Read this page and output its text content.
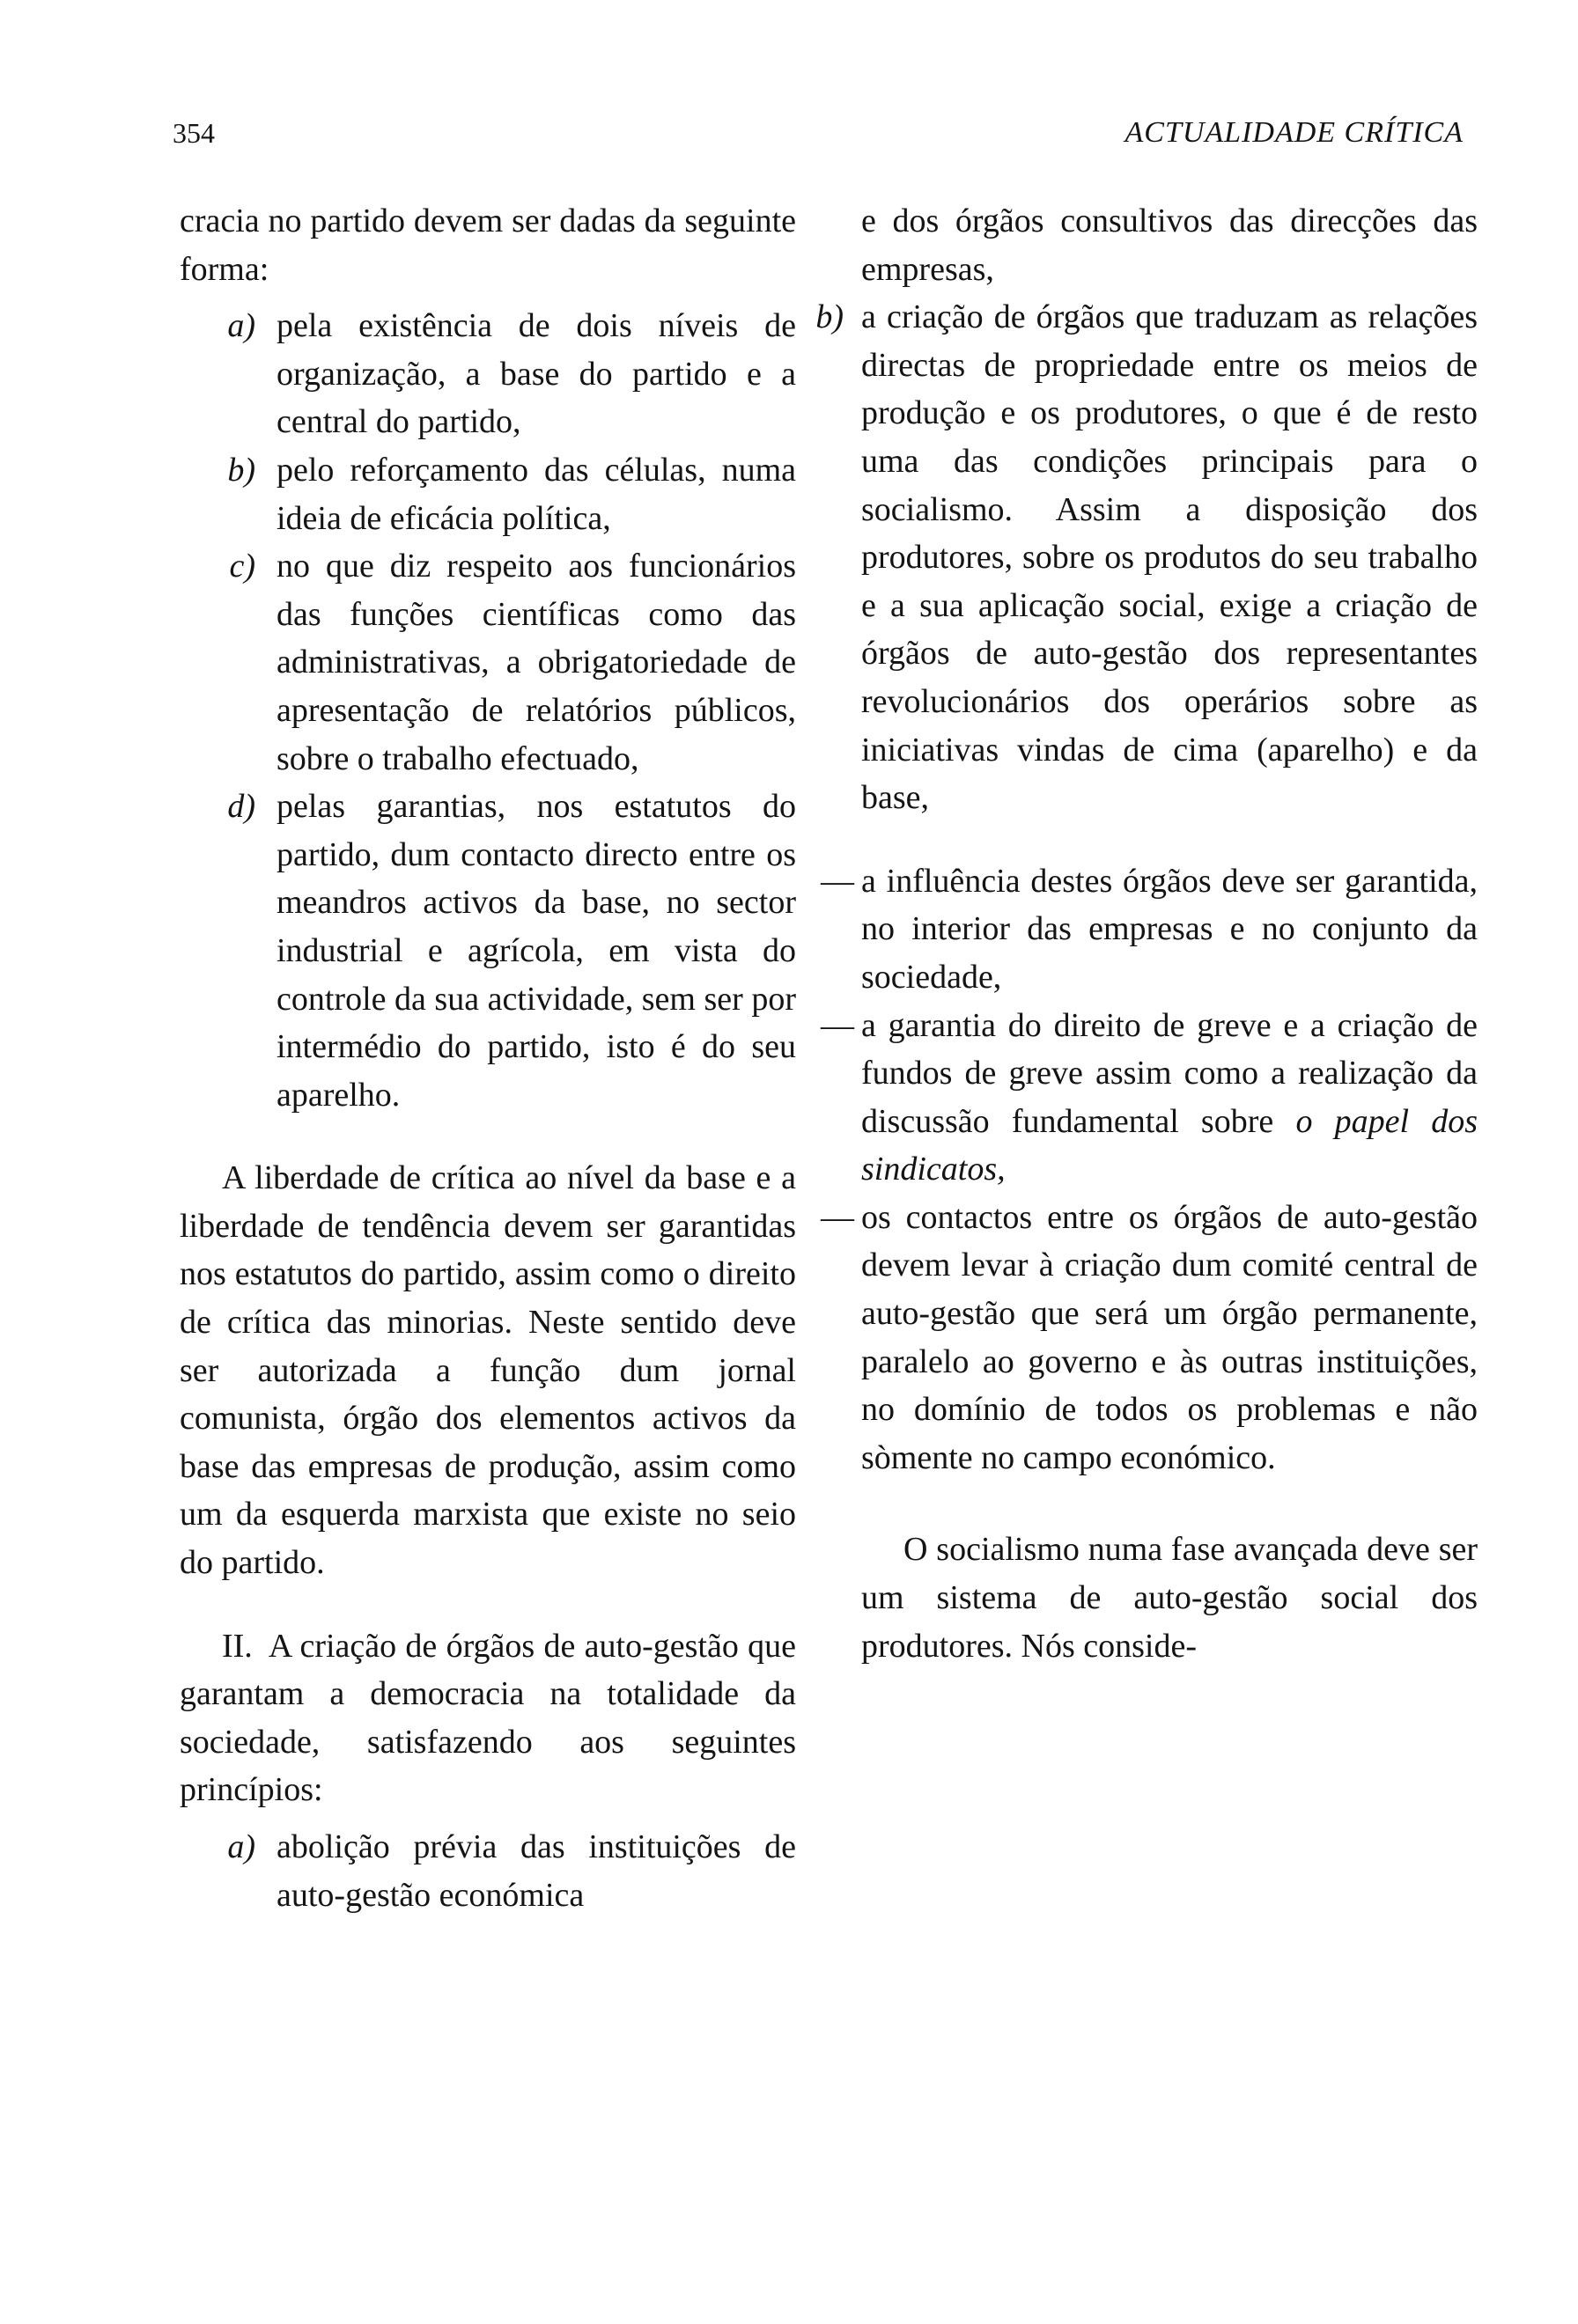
354	ACTUALIDADE CRÍTICA

cracia no partido devem ser dadas da seguinte forma:

a) pela existência de dois níveis de organização, a base do partido e a central do partido,
b) pelo reforçamento das células, numa ideia de eficácia política,
c) no que diz respeito aos funcionários das funções científicas como das administrativas, a obrigatoriedade de apresentação de relatórios públicos, sobre o trabalho efectuado,
d) pelas garantias, nos estatutos do partido, dum contacto directo entre os meandros activos da base, no sector industrial e agrícola, em vista do controle da sua actividade, sem ser por intermédio do partido, isto é do seu aparelho.

A liberdade de crítica ao nível da base e a liberdade de tendência devem ser garantidas nos estatutos do partido, assim como o direito de crítica das minorias. Neste sentido deve ser autorizada a função dum jornal comunista, órgão dos elementos activos da base das empresas de produção, assim como um da esquerda marxista que existe no seio do partido.

II. A criação de órgãos de auto-gestão que garantam a democracia na totalidade da sociedade, satisfazendo aos seguintes princípios:

a) abolição prévia das instituições de auto-gestão económica

e dos órgãos consultivos das direcções das empresas,

b) a criação de órgãos que traduzam as relações directas de propriedade entre os meios de produção e os produtores, o que é de resto uma das condições principais para o socialismo. Assim a disposição dos produtores, sobre os produtos do seu trabalho e a sua aplicação social, exige a criação de órgãos de auto-gestão dos representantes revolucionários dos operários sobre as iniciativas vindas de cima (aparelho) e da base,
— a influência destes órgãos deve ser garantida, no interior das empresas e no conjunto da sociedade,
— a garantia do direito de greve e a criação de fundos de greve assim como a realização da discussão fundamental sobre o papel dos sindicatos,
— os contactos entre os órgãos de auto-gestão devem levar à criação dum comité central de auto-gestão que será um órgão permanente, paralelo ao governo e às outras instituições, no domínio de todos os problemas e não sòmente no campo económico.

O socialismo numa fase avançada deve ser um sistema de auto-gestão social dos produtores. Nós conside-
